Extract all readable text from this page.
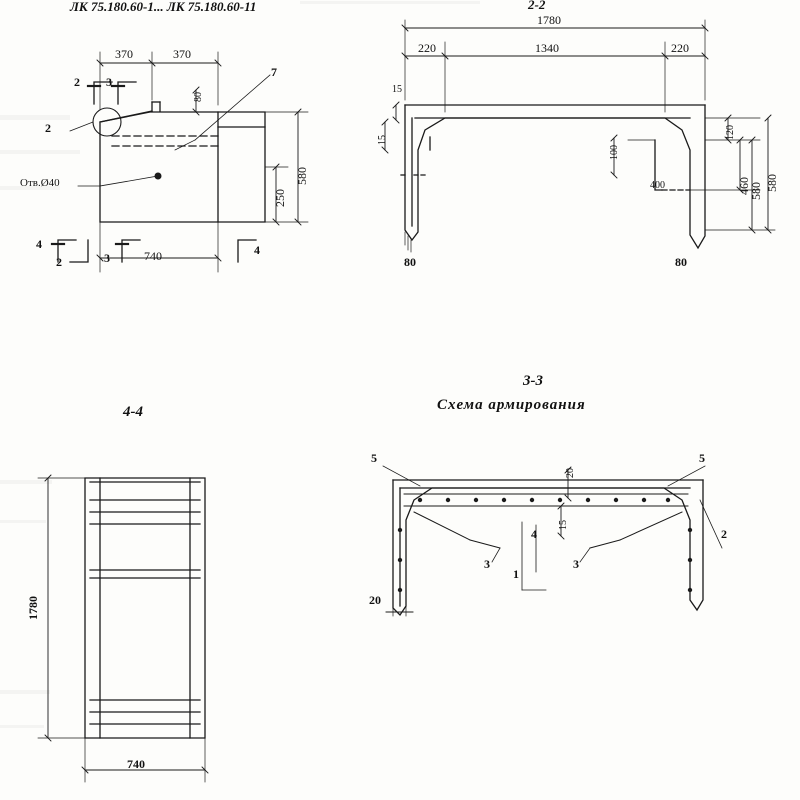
ЛК 75.180.60-1... ЛК 75.180.60-11
370	370
80
580
250
740
2 3
2
7
4
2	3
4
Отв.Ø40
2-2
1780
220	1340	220
15
15
100
400
120
580
460 580
80	80
4-4
1780
740
3-3
Схема армирования
5	5
2
3	3
4
1
20
15
20
